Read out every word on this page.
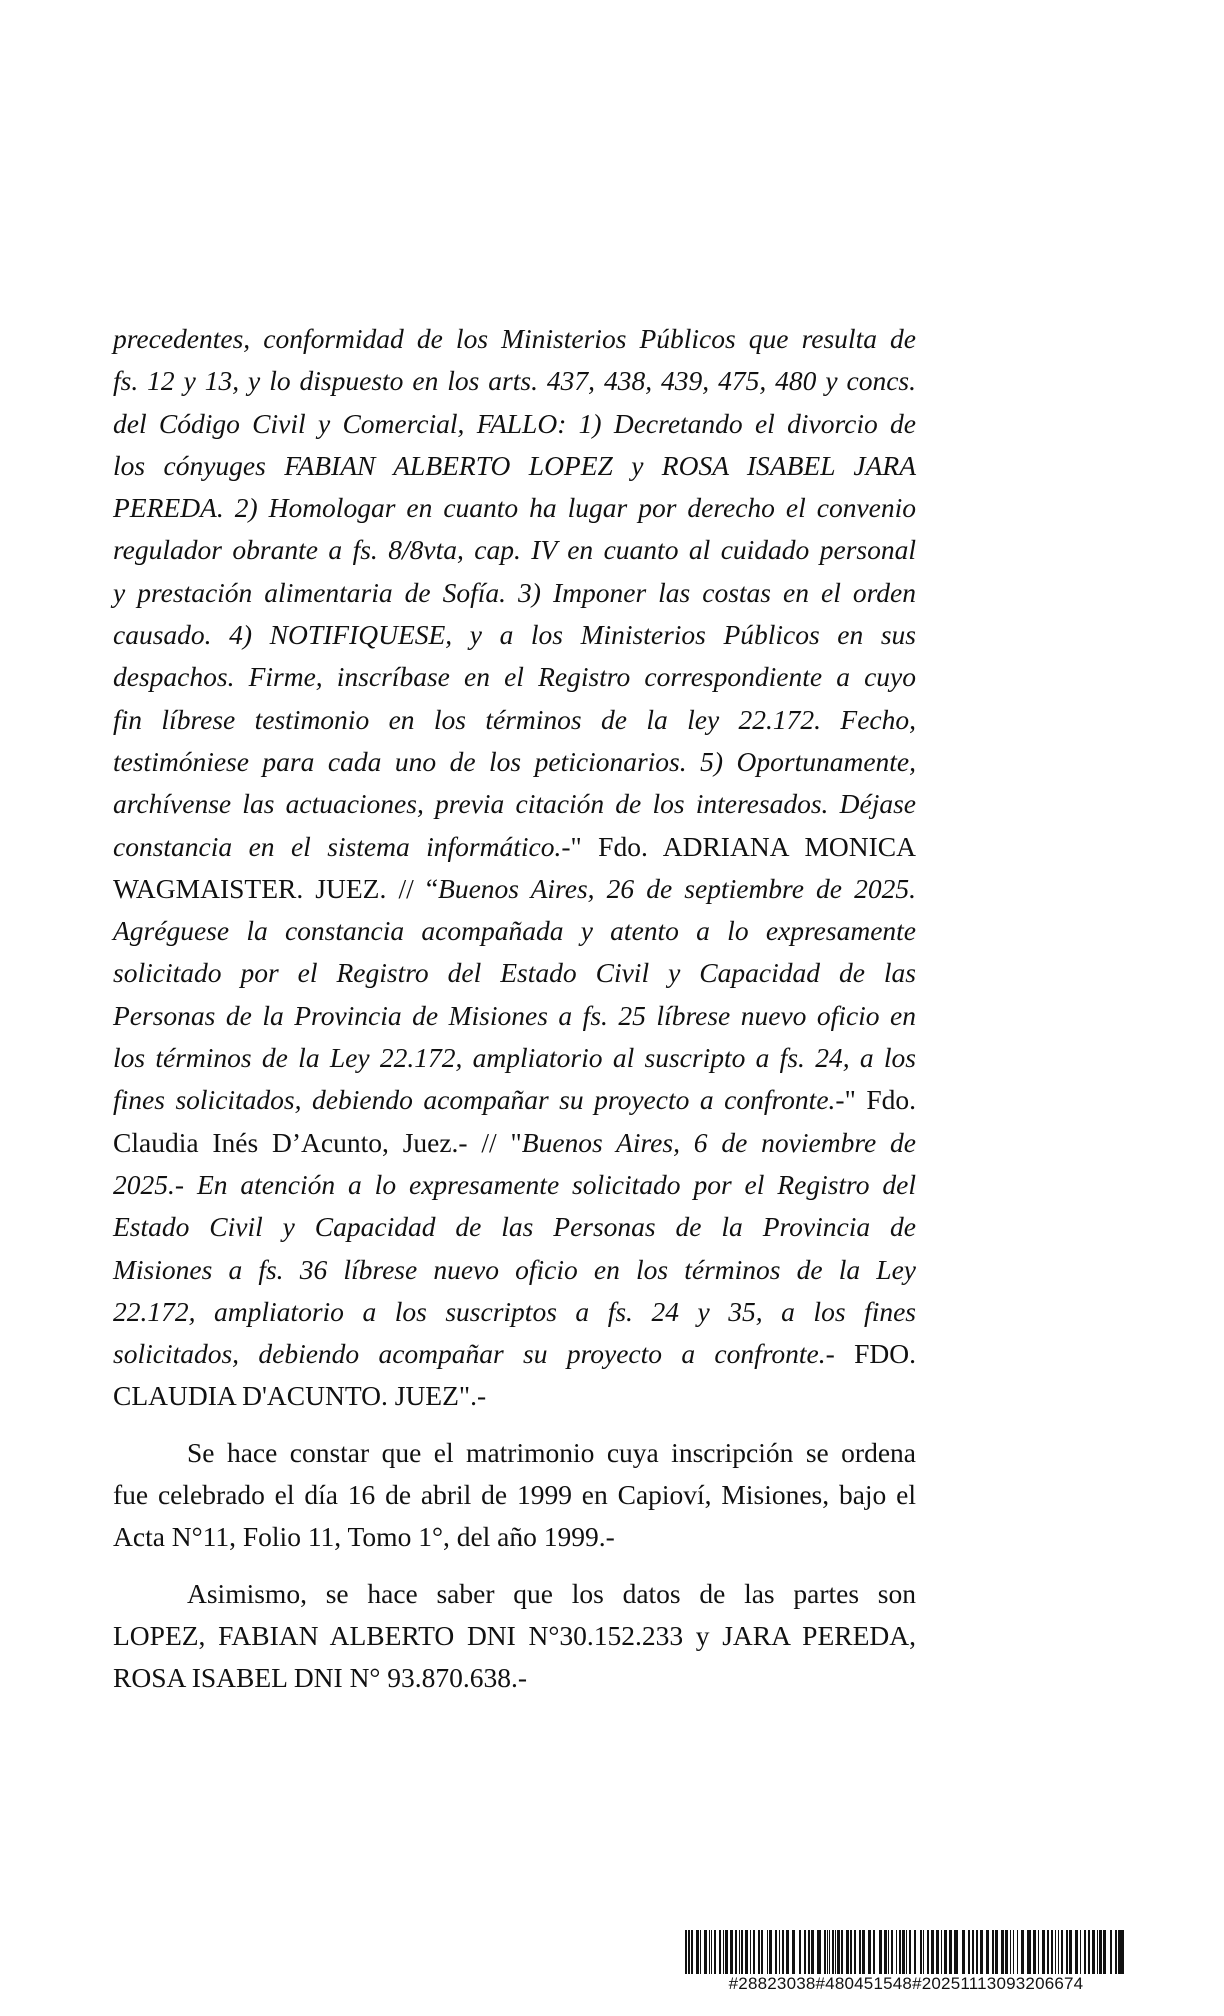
precedentes, conformidad de los Ministerios Públicos que resulta de
fs. 12 y 13, y lo dispuesto en los arts. 437, 438, 439, 475, 480 y concs.
del Código Civil y Comercial, FALLO: 1) Decretando el divorcio de
los cónyuges FABIAN ALBERTO LOPEZ y ROSA ISABEL JARA
PEREDA. 2) Homologar en cuanto ha lugar por derecho el convenio
regulador obrante a fs. 8/8vta, cap. IV en cuanto al cuidado personal
y prestación alimentaria de Sofía. 3) Imponer las costas en el orden
causado. 4) NOTIFIQUESE, y a los Ministerios Públicos en sus
despachos. Firme, inscríbase en el Registro correspondiente a cuyo
fin líbrese testimonio en los términos de la ley 22.172. Fecho,
testimóniese para cada uno de los peticionarios. 5) Oportunamente,
archívense las actuaciones, previa citación de los interesados. Déjase
constancia en el sistema informático.-" Fdo. ADRIANA MONICA
WAGMAISTER. JUEZ. // “Buenos Aires, 26 de septiembre de 2025.
Agréguese la constancia acompañada y atento a lo expresamente
solicitado por el Registro del Estado Civil y Capacidad de las
Personas de la Provincia de Misiones a fs. 25 líbrese nuevo oficio en
los términos de la Ley 22.172, ampliatorio al suscripto a fs. 24, a los
fines solicitados, debiendo acompañar su proyecto a confronte.-" Fdo.
Claudia Inés D’Acunto, Juez.- // "Buenos Aires, 6 de noviembre de
2025.- En atención a lo expresamente solicitado por el Registro del
Estado Civil y Capacidad de las Personas de la Provincia de
Misiones a fs. 36 líbrese nuevo oficio en los términos de la Ley
22.172, ampliatorio a los suscriptos a fs. 24 y 35, a los fines
solicitados, debiendo acompañar su proyecto a confronte.- FDO.
CLAUDIA D'ACUNTO. JUEZ".-
Se hace constar que el matrimonio cuya inscripción se ordena
fue celebrado el día 16 de abril de 1999 en Capioví, Misiones, bajo el
Acta N°11, Folio 11, Tomo 1°, del año 1999.-
Asimismo, se hace saber que los datos de las partes son
LOPEZ, FABIAN ALBERTO DNI N°30.152.233 y JARA PEREDA,
ROSA ISABEL DNI N° 93.870.638.-
#28823038#480451548#20251113093206674
